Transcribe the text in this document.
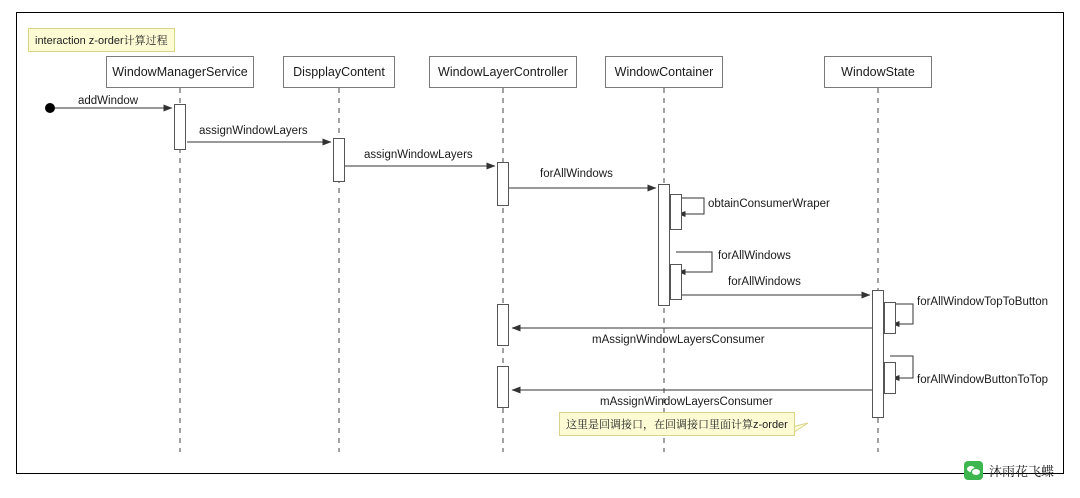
interaction z-order计算过程
WindowManagerService	DispplayContent	WindowLayerController	WindowContainer	WindowState
addWindow
assignWindowLayers
assignWindowLayers
forAllWindows
obtainConsumerWraper
forAllWindows
forAllWindows
forAllWindowTopToButton
mAssignWindowLayersConsumer
forAllWindowButtonToTop
mAssignWindowLayersConsumer
这里是回调接口，在回调接口里面计算z-order
沐雨花飞蝶
